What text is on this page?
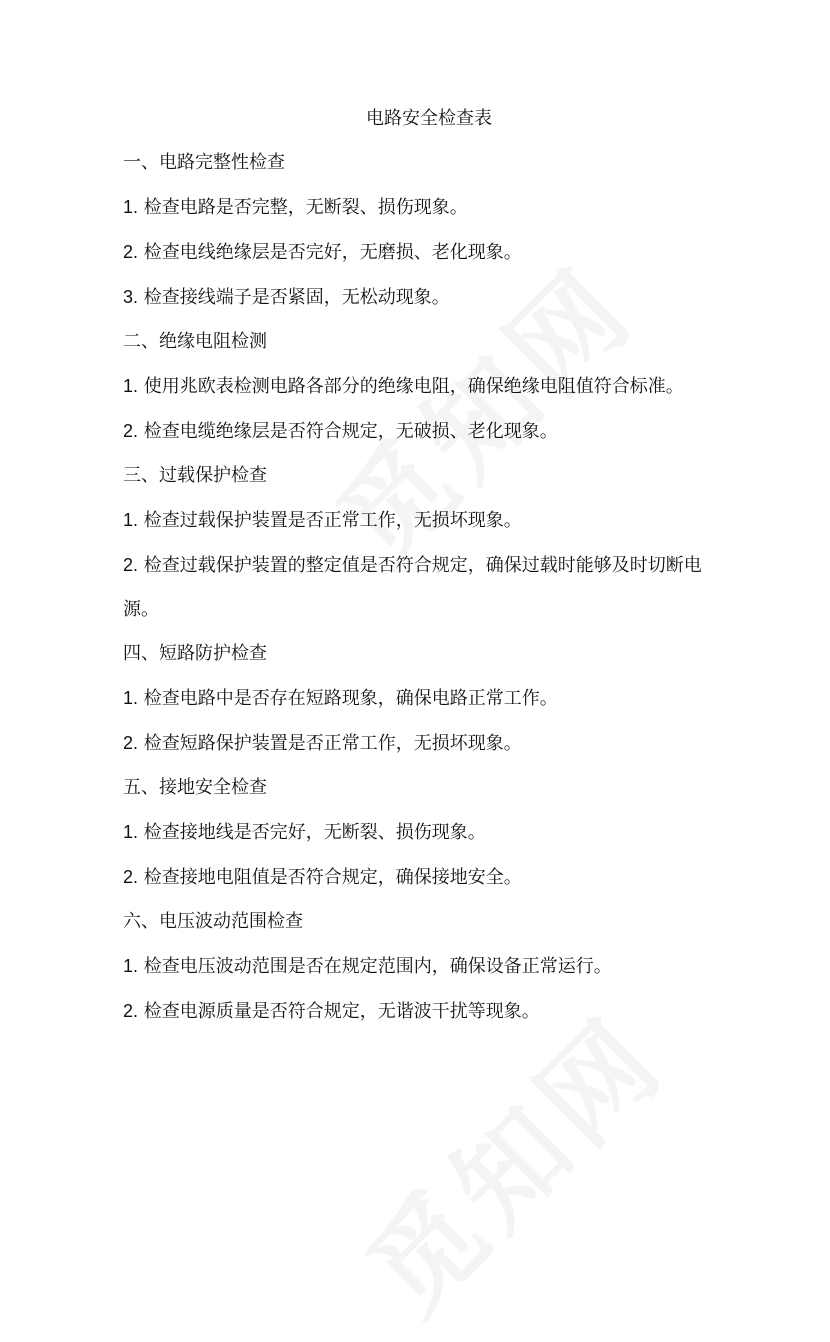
电路安全检查表
一、电路完整性检查
1. 检查电路是否完整，无断裂、损伤现象。
2. 检查电线绝缘层是否完好，无磨损、老化现象。
3. 检查接线端子是否紧固，无松动现象。
二、绝缘电阻检测
1. 使用兆欧表检测电路各部分的绝缘电阻，确保绝缘电阻值符合标准。
2. 检查电缆绝缘层是否符合规定，无破损、老化现象。
三、过载保护检查
1. 检查过载保护装置是否正常工作，无损坏现象。
2. 检查过载保护装置的整定值是否符合规定，确保过载时能够及时切断电源。
四、短路防护检查
1. 检查电路中是否存在短路现象，确保电路正常工作。
2. 检查短路保护装置是否正常工作，无损坏现象。
五、接地安全检查
1. 检查接地线是否完好，无断裂、损伤现象。
2. 检查接地电阻值是否符合规定，确保接地安全。
六、电压波动范围检查
1. 检查电压波动范围是否在规定范围内，确保设备正常运行。
2. 检查电源质量是否符合规定，无谐波干扰等现象。
